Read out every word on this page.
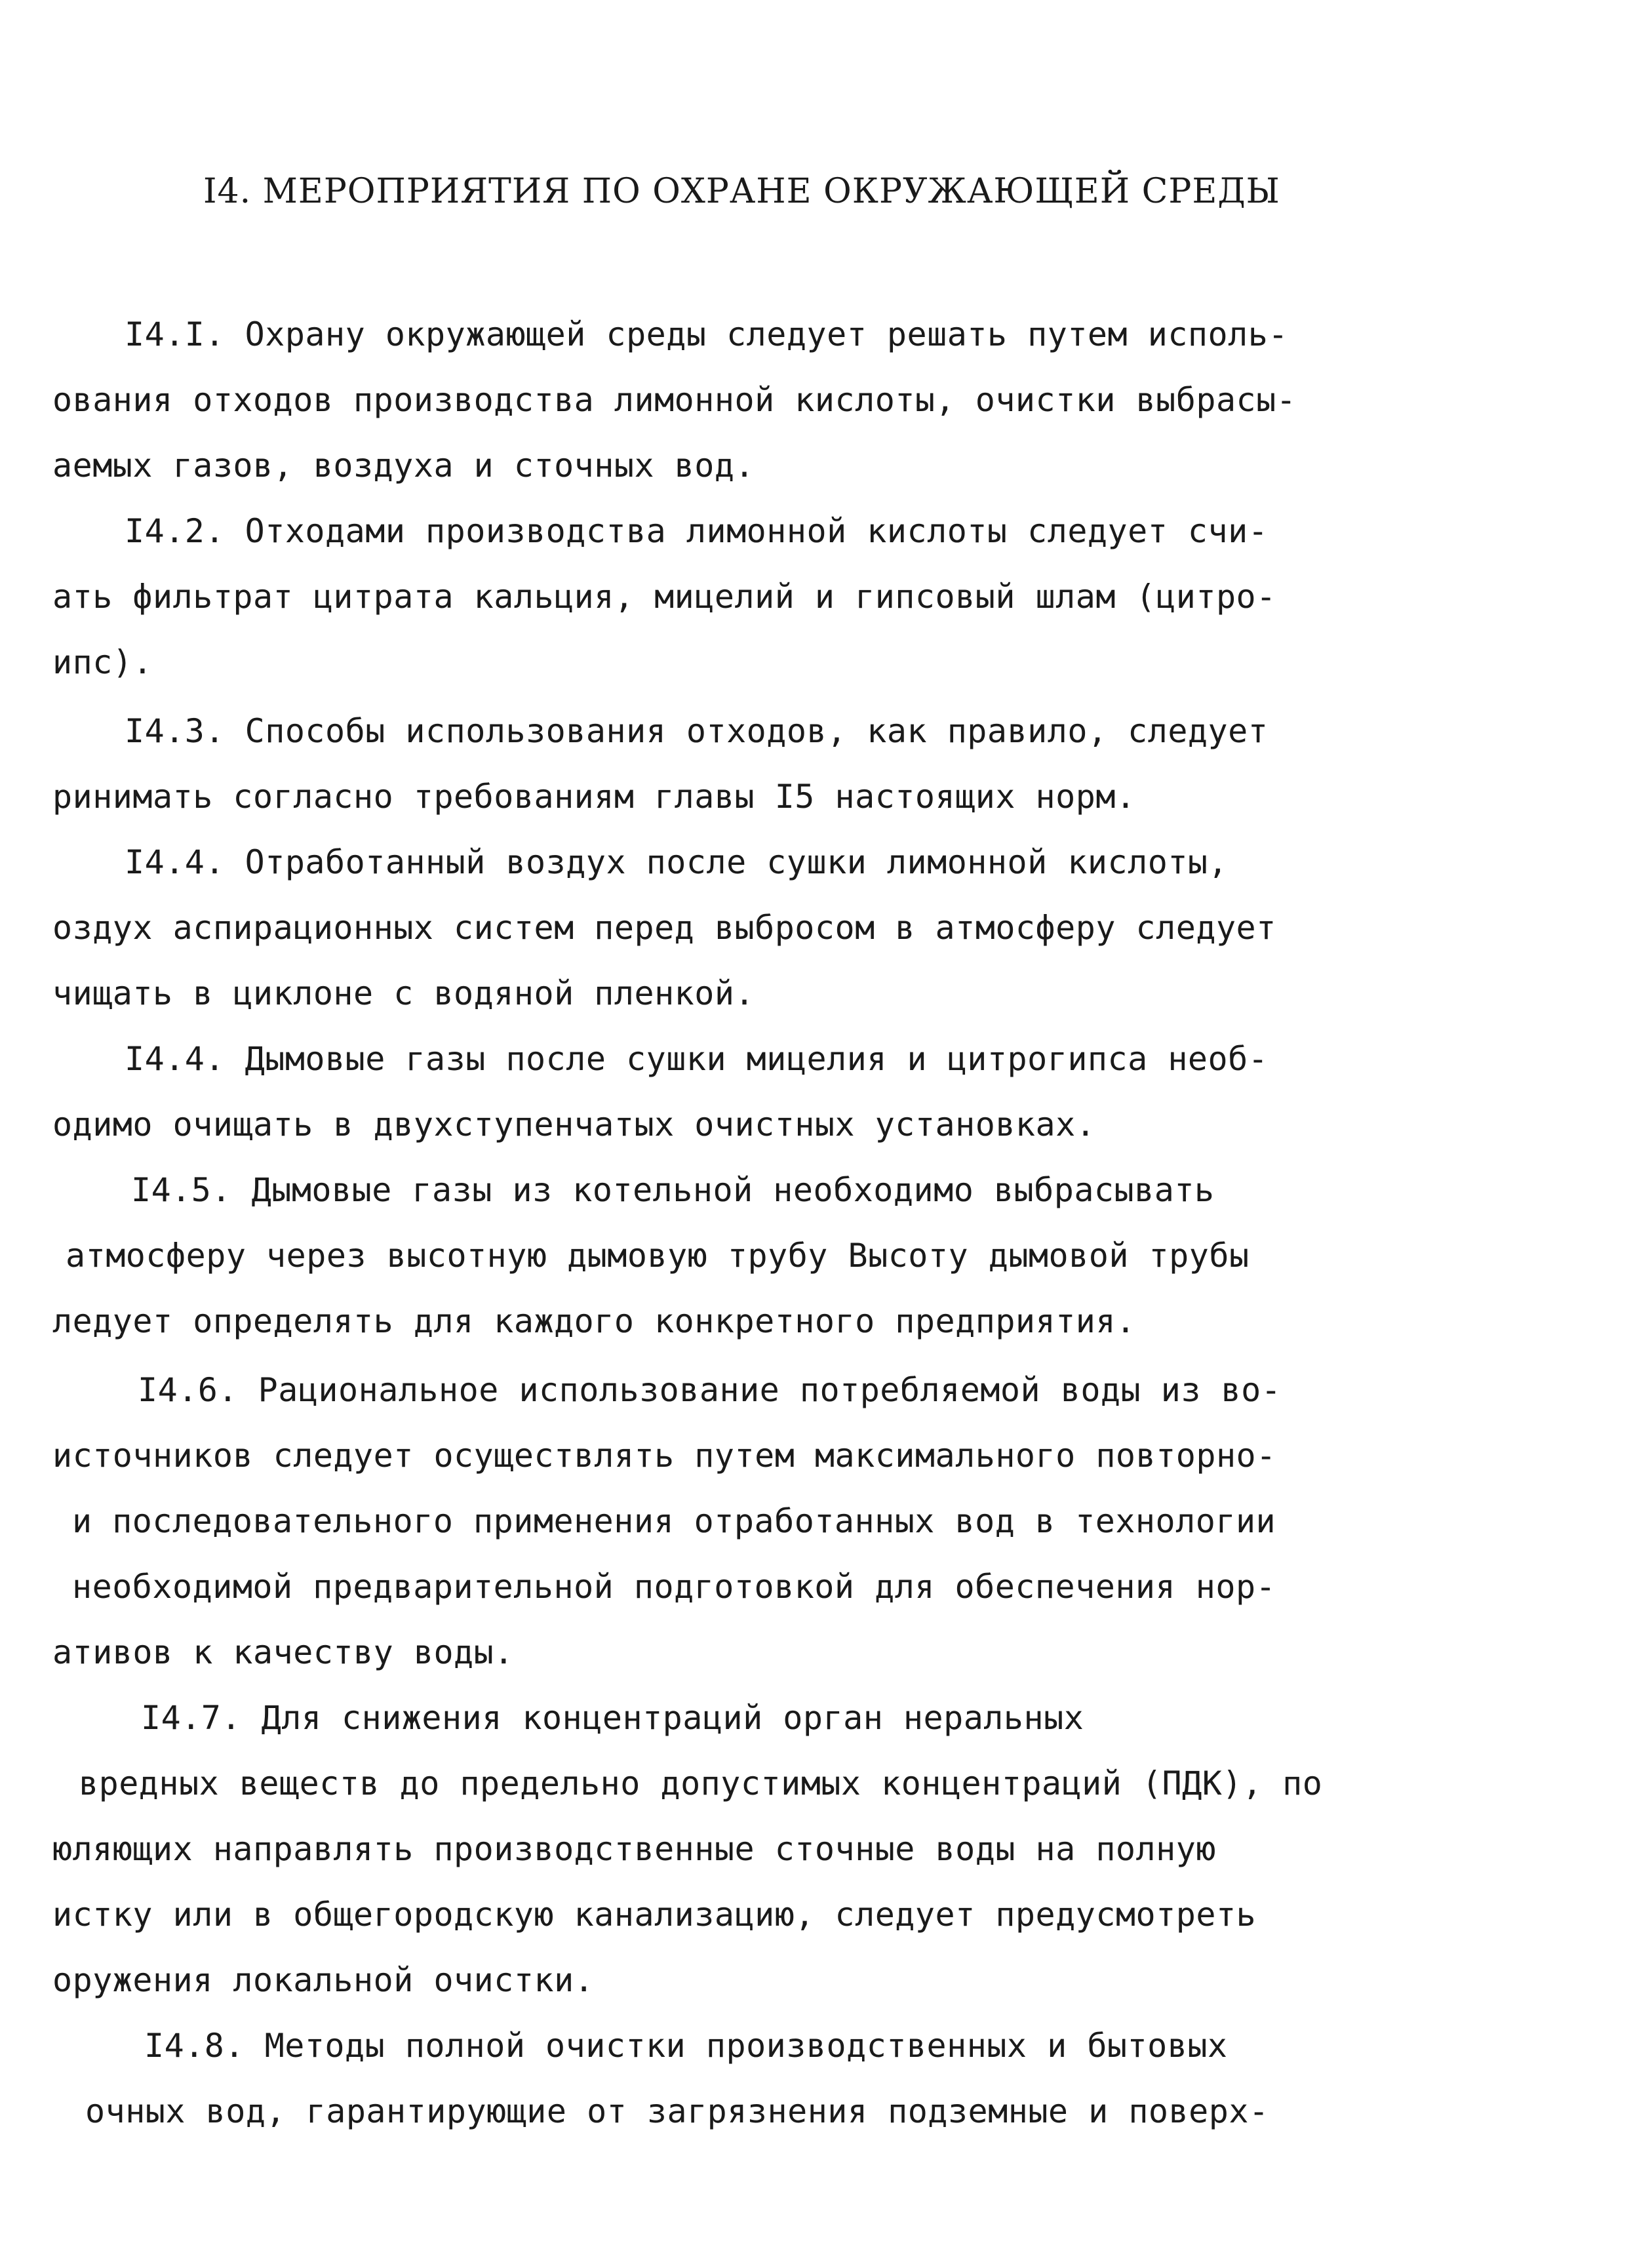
I4. МЕРОПРИЯТИЯ ПО ОХРАНЕ ОКРУЖАЮЩЕЙ СРЕДЫ
I4.I. Охрану окружающей среды следует решать путем исполь-
ования отходов производства лимонной кислоты, очистки выбрасы-
аемых газов, воздуха и сточных вод.
I4.2. Отходами производства лимонной кислоты следует счи-
ать фильтрат цитрата кальция, мицелий и гипсовый шлам (цитро-
ипс).
I4.3. Способы использования отходов, как правило, следует
ринимать согласно требованиям главы I5 настоящих норм.
I4.4. Отработанный воздух после сушки лимонной кислоты,
оздух аспирационных систем перед выбросом в атмосферу следует
чищать в циклоне с водяной пленкой.
I4.4. Дымовые газы после сушки мицелия и цитрогипса необ-
одимо очищать в двухступенчатых очистных установках.
I4.5. Дымовые газы из котельной необходимо выбрасывать
атмосферу через высотную дымовую трубу Высоту дымовой трубы
ледует определять для каждого конкретного предприятия.
I4.6. Рациональное использование потребляемой воды из во-
источников следует осуществлять путем максимального повторно-
и последовательного применения отработанных вод в технологии
необходимой предварительной подготовкой для обеспечения нор-
ативов к качеству воды.
I4.7. Для снижения концентраций орган неральных
вредных веществ до предельно допустимых концентраций (ПДК), по
юляющих направлять производственные сточные воды на полную
истку или в общегородскую канализацию, следует предусмотреть
оружения локальной очистки.
I4.8. Методы полной очистки производственных и бытовых
очных вод, гарантирующие от загрязнения подземные и поверх-
